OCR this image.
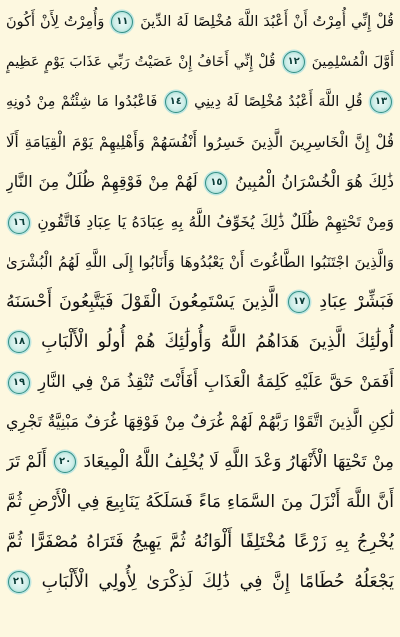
قُلْ إِنِّي أُمِرْتُ أَنْ أَعْبُدَ اللَّهَ مُخْلِصًا لَهُ الدِّينَ ١١ وَأُمِرْتُ لِأَنْ أَكُونَ
أَوَّلَ الْمُسْلِمِينَ ١٢ قُلْ إِنِّي أَخَافُ إِنْ عَصَيْتُ رَبِّي عَذَابَ يَوْمٍ عَظِيمٍ
١٣ قُلِ اللَّهَ أَعْبُدُ مُخْلِصًا لَهُ دِينِي ١٤ فَاعْبُدُوا مَا شِئْتُمْ مِنْ دُونِهِ
قُلْ إِنَّ الْخَاسِرِينَ الَّذِينَ خَسِرُوا أَنْفُسَهُمْ وَأَهْلِيهِمْ يَوْمَ الْقِيَامَةِ أَلَا
ذَٰلِكَ هُوَ الْخُسْرَانُ الْمُبِينُ ١٥ لَهُمْ مِنْ فَوْقِهِمْ ظُلَلٌ مِنَ النَّارِ
وَمِنْ تَحْتِهِمْ ظُلَلٌ ذَٰلِكَ يُخَوِّفُ اللَّهُ بِهِ عِبَادَهُ يَا عِبَادِ فَاتَّقُونِ ١٦
وَالَّذِينَ اجْتَنَبُوا الطَّاغُوتَ أَنْ يَعْبُدُوهَا وَأَنَابُوا إِلَى اللَّهِ لَهُمُ الْبُشْرَىٰ
فَبَشِّرْ عِبَادِ ١٧ الَّذِينَ يَسْتَمِعُونَ الْقَوْلَ فَيَتَّبِعُونَ أَحْسَنَهُ
أُولَٰئِكَ الَّذِينَ هَدَاهُمُ اللَّهُ وَأُولَٰئِكَ هُمْ أُولُو الْأَلْبَابِ ١٨
أَفَمَنْ حَقَّ عَلَيْهِ كَلِمَةُ الْعَذَابِ أَفَأَنْتَ تُنْقِذُ مَنْ فِي النَّارِ ١٩
لَٰكِنِ الَّذِينَ اتَّقَوْا رَبَّهُمْ لَهُمْ غُرَفٌ مِنْ فَوْقِهَا غُرَفٌ مَبْنِيَّةٌ تَجْرِي
مِنْ تَحْتِهَا الْأَنْهَارُ وَعْدَ اللَّهِ لَا يُخْلِفُ اللَّهُ الْمِيعَادَ ٢٠ أَلَمْ تَرَ
أَنَّ اللَّهَ أَنْزَلَ مِنَ السَّمَاءِ مَاءً فَسَلَكَهُ يَنَابِيعَ فِي الْأَرْضِ ثُمَّ
يُخْرِجُ بِهِ زَرْعًا مُخْتَلِفًا أَلْوَانُهُ ثُمَّ يَهِيجُ فَتَرَاهُ مُصْفَرًّا ثُمَّ
يَجْعَلُهُ حُطَامًا إِنَّ فِي ذَٰلِكَ لَذِكْرَىٰ لِأُولِي الْأَلْبَابِ ٢١
